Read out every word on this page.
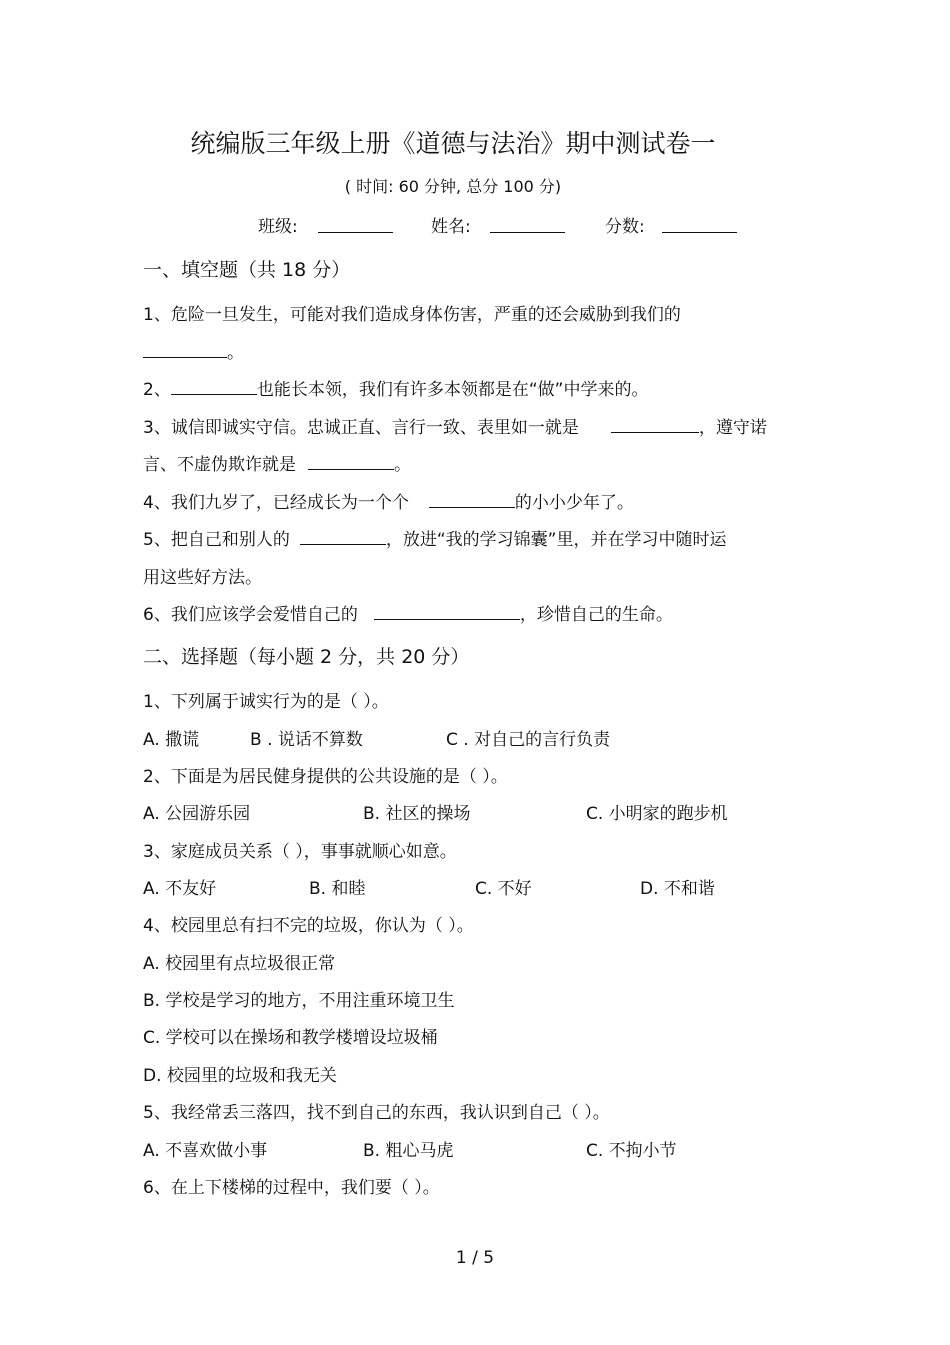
统编版三年级上册《道德与法治》期中测试卷一
( 时间: 60 分钟, 总分 100 分)
班级:	姓名:	分数:
一、填空题（共 18 分）
1、危险一旦发生，可能对我们造成身体伤害，严重的还会威胁到我们的
。
2、	也能长本领，我们有许多本领都是在“做”中学来的。
3、诚信即诚实守信。忠诚正直、言行一致、表里如一就是	，遵守诺
言、不虚伪欺诈就是	。
4、我们九岁了，已经成长为一个个	的小小少年了。
5、把自己和别人的	，放进“我的学习锦囊”里，并在学习中随时运
用这些好方法。
6、我们应该学会爱惜自己的	，珍惜自己的生命。
二、选择题（每小题 2 分，共 20 分）
1、下列属于诚实行为的是（ ）。
A. 撒谎	B . 说话不算数	C . 对自己的言行负责
2、下面是为居民健身提供的公共设施的是（ ）。
A. 公园游乐园	B. 社区的操场	C. 小明家的跑步机
3、家庭成员关系（ ），事事就顺心如意。
A. 不友好	B. 和睦	C. 不好	D. 不和谐
4、校园里总有扫不完的垃圾，你认为（ ）。
A. 校园里有点垃圾很正常
B. 学校是学习的地方，不用注重环境卫生
C. 学校可以在操场和教学楼增设垃圾桶
D. 校园里的垃圾和我无关
5、我经常丢三落四，找不到自己的东西，我认识到自己（ ）。
A. 不喜欢做小事	B. 粗心马虎	C. 不拘小节
6、在上下楼梯的过程中，我们要（ ）。
1 / 5
